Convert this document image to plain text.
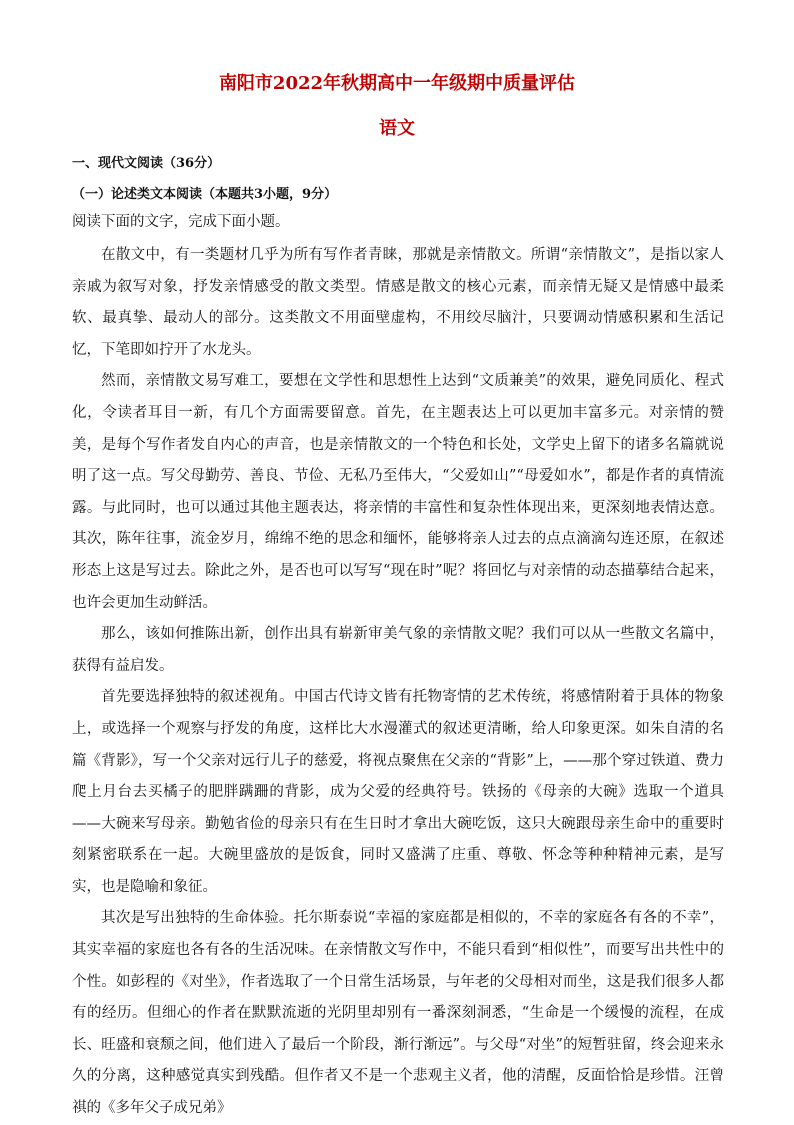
南阳市2022年秋期高中一年级期中质量评估
语文
一、现代文阅读（36分）
（一）论述类文本阅读（本题共3小题，9分）
阅读下面的文字，完成下面小题。

在散文中，有一类题材几乎为所有写作者青睐，那就是亲情散文。所谓“亲情散文”，是指以家人亲戚为叙写对象，抒发亲情感受的散文类型。情感是散文的核心元素，而亲情无疑又是情感中最柔软、最真挚、最动人的部分。这类散文不用面壁虚构，不用绞尽脑汁，只要调动情感积累和生活记忆，下笔即如拧开了水龙头。

然而，亲情散文易写难工，要想在文学性和思想性上达到“文质兼美”的效果，避免同质化、程式化，令读者耳目一新，有几个方面需要留意。首先，在主题表达上可以更加丰富多元。对亲情的赞美，是每个写作者发自内心的声音，也是亲情散文的一个特色和长处，文学史上留下的诸多名篇就说明了这一点。写父母勤劳、善良、节俭、无私乃至伟大，“父爱如山”“母爱如水”，都是作者的真情流露。与此同时，也可以通过其他主题表达，将亲情的丰富性和复杂性体现出来，更深刻地表情达意。其次，陈年往事，流金岁月，绵绵不绝的思念和缅怀，能够将亲人过去的点点滴滴勾连还原，在叙述形态上这是写过去。除此之外，是否也可以写写“现在时”呢？将回忆与对亲情的动态描摹结合起来，也许会更加生动鲜活。

那么，该如何推陈出新，创作出具有崭新审美气象的亲情散文呢？我们可以从一些散文名篇中，获得有益启发。

首先要选择独特的叙述视角。中国古代诗文皆有托物寄情的艺术传统，将感情附着于具体的物象上，或选择一个观察与抒发的角度，这样比大水漫灌式的叙述更清晰，给人印象更深。如朱自清的名篇《背影》，写一个父亲对远行儿子的慈爱，将视点聚焦在父亲的“背影”上，——那个穿过铁道、费力爬上月台去买橘子的肥胖蹒跚的背影，成为父爱的经典符号。铁扬的《母亲的大碗》选取一个道具——大碗来写母亲。勤勉省俭的母亲只有在生日时才拿出大碗吃饭，这只大碗跟母亲生命中的重要时刻紧密联系在一起。大碗里盛放的是饭食，同时又盛满了庄重、尊敬、怀念等种种精神元素，是写实，也是隐喻和象征。

其次是写出独特的生命体验。托尔斯泰说“幸福的家庭都是相似的，不幸的家庭各有各的不幸”，其实幸福的家庭也各有各的生活况味。在亲情散文写作中，不能只看到“相似性”，而要写出共性中的个性。如彭程的《对坐》，作者选取了一个日常生活场景，与年老的父母相对而坐，这是我们很多人都有的经历。但细心的作者在默默流逝的光阴里却别有一番深刻洞悉，“生命是一个缓慢的流程，在成长、旺盛和衰颓之间，他们进入了最后一个阶段，渐行渐远”。与父母“对坐”的短暂驻留，终会迎来永久的分离，这种感觉真实到残酷。但作者又不是一个悲观主义者，他的清醒，反面恰恰是珍惜。汪曾祺的《多年父子成兄弟》
